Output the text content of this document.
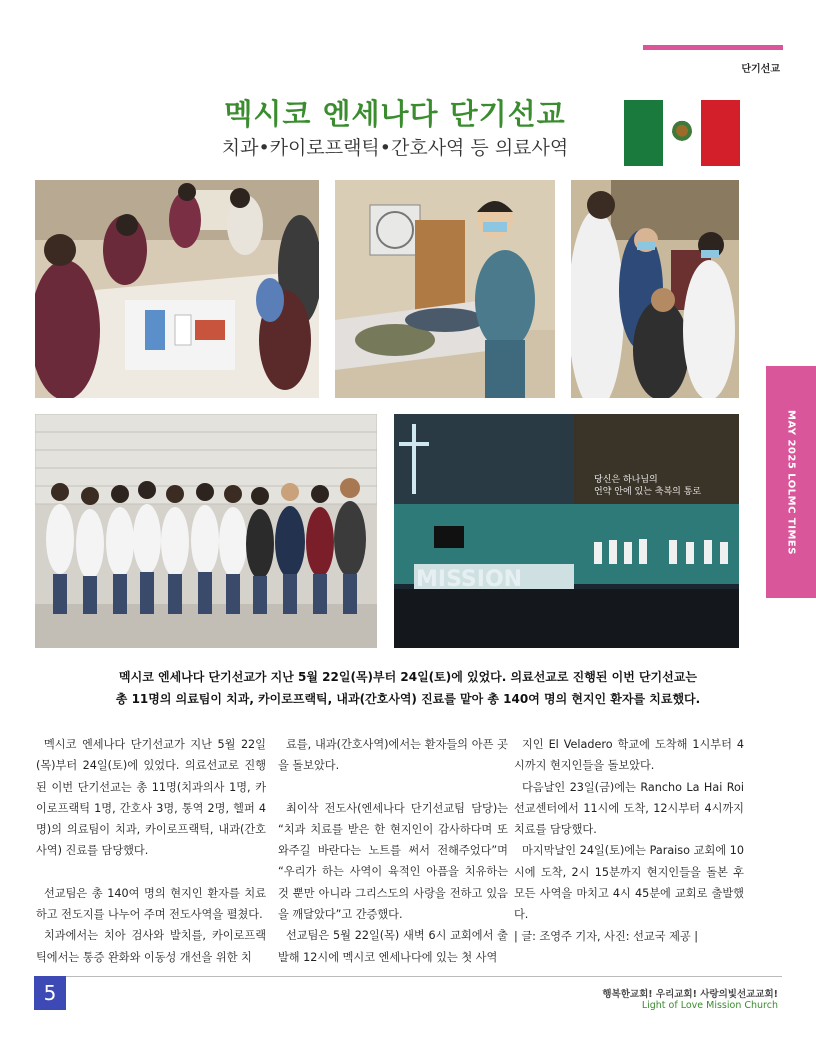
단기선교
멕시코 엔세나다 단기선교
치과•카이로프랙틱•간호사역 등 의료사역
MAY 2025 LOLMC TIMES
당신은 하나님의
언약 안에 있는 축복의 통로
MISSION
멕시코 엔세나다 단기선교가 지난 5월 22일(목)부터 24일(토)에 있었다. 의료선교로 진행된 이번 단기선교는
총 11명의 의료팀이 치과, 카이로프랙틱, 내과(간호사역) 진료를 맡아 총 140여 명의 현지인 환자를 치료했다.

멕시코 엔세나다 단기선교가 지난 5월 22일(목)부터 24일(토)에 있었다. 의료선교로 진행된 이번 단기선교는 총 11명(치과의사 1명, 카이로프랙틱 1명, 간호사 3명, 통역 2명, 헬퍼 4명)의 의료팀이 치과, 카이로프랙틱, 내과(간호사역) 진료를 담당했다.

선교팀은 총 140여 명의 현지인 환자를 치료하고 전도지를 나누어 주며 전도사역을 펼쳤다.

치과에서는 치아 검사와 발치를, 카이로프랙틱에서는 통증 완화와 이동성 개선을 위한 치

료를, 내과(간호사역)에서는 환자들의 아픈 곳을 돌보았다.

최이삭 전도사(엔세나다 단기선교팀 담당)는 “치과 치료를 받은 한 현지인이 감사하다며 또 와주길 바란다는 노트를 써서 전해주었다”며 “우리가 하는 사역이 육적인 아픔을 치유하는 것 뿐만 아니라 그리스도의 사랑을 전하고 있음을 깨달았다”고 간증했다.

선교팀은 5월 22일(목) 새벽 6시 교회에서 출발해 12시에 멕시코 엔세나다에 있는 첫 사역

지인 El Veladero 학교에 도착해 1시부터 4시까지 현지인들을 돌보았다.

다음날인 23일(금)에는 Rancho La Hai Roi 선교센터에서 11시에 도착, 12시부터 4시까지 치료를 담당했다.

마지막날인 24일(토)에는 Paraiso 교회에 10시에 도착, 2시 15분까지 현지인들을 돌본 후 모든 사역을 마치고 4시 45분에 교회로 출발했다.

| 글: 조영주 기자, 사진: 선교국 제공 |

5	행복한교회! 우리교회! 사랑의빛선교교회!
Light of Love Mission Church
